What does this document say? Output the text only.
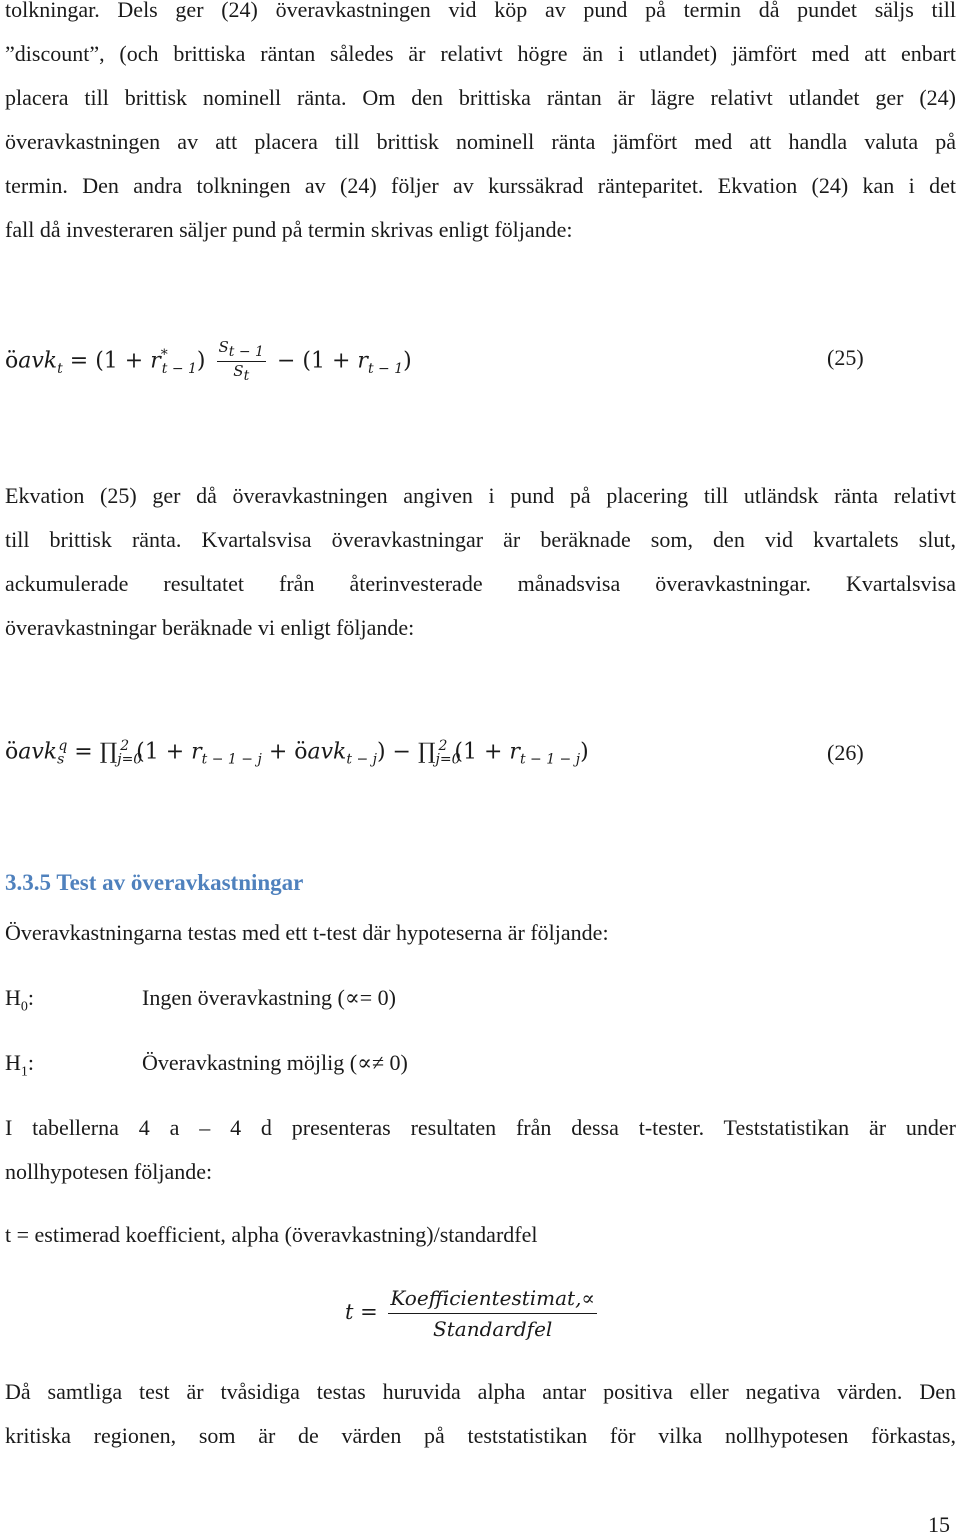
tolkningar. Dels ger (24) överavkastningen vid köp av pund på termin då pundet säljs till
”discount”, (och brittiska räntan således är relativt högre än i utlandet) jämfört med att enbart
placera till brittisk nominell ränta. Om den brittiska räntan är lägre relativt utlandet ger (24)
överavkastningen av att placera till brittisk nominell ränta jämfört med att handla valuta på
termin. Den andra tolkningen av (24) följer av kurssäkrad ränteparitet. Ekvation (24) kan i det
fall då investeraren säljer pund på termin skrivas enligt följande:
öavk$_t$ = $(1 + r^*_{t - 1}) \frac{S_{t - 1}}{S_t} - (1 + r_{t - 1})$	(25)
Ekvation (25) ger då överavkastningen angiven i pund på placering till utländsk ränta relativt
till brittisk ränta. Kvartalsvisa överavkastningar är beräknade som, den vid kvartalets slut,
ackumulerade resultatet från återinvesterade månadsvisa överavkastningar. Kvartalsvisa
överavkastningar beräknade vi enligt följande:
öavk$_s^q$ = $\prod_{j=0}^2$ ($1 + r_{t - 1 - j}$ + öavk$_{t - j}$) − $\prod_{j=0}^2$ $(1 + r_{t - 1 - j})$	(26)
3.3.5 Test av överavkastningar
Överavkastningarna testas med ett t-test där hypoteserna är följande:
$H_0$:	Ingen överavkastning (∝= 0)
$H_1$:	Överavkastning möjlig (∝≠ 0)
I tabellerna 4 a – 4 d presenteras resultaten från dessa t-tester. Teststatistikan är under
nollhypotesen följande:
t = estimerad koefficient, alpha (överavkastning)/standardfel
$t = \frac{\text{Koefficientestimat,∝}}{\text{Standardfel}}$
Då samtliga test är tvåsidiga testas huruvida alpha antar positiva eller negativa värden. Den
kritiska regionen, som är de värden på teststatistikan för vilka nollhypotesen förkastas,
15
